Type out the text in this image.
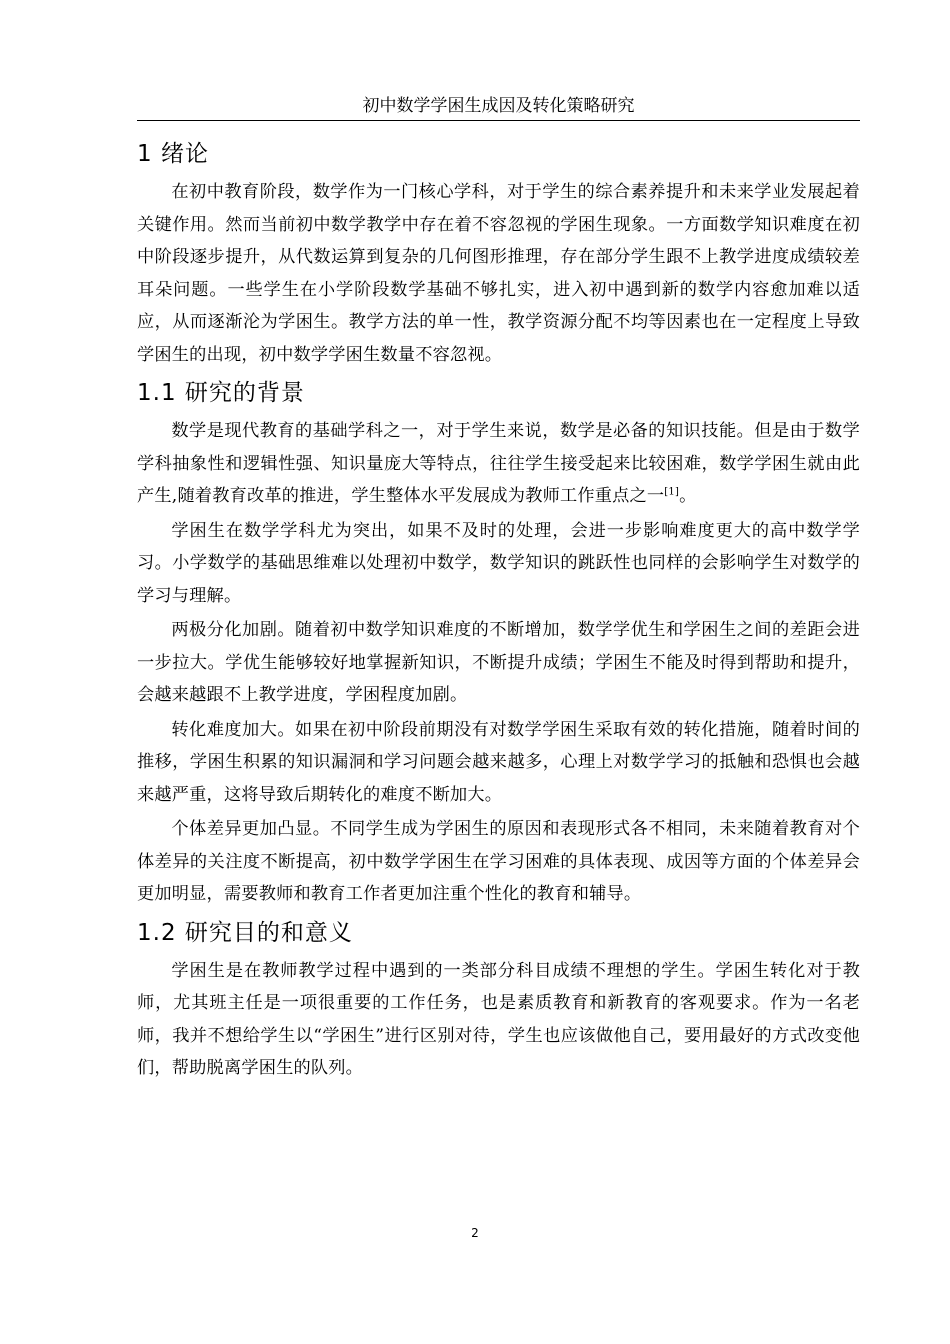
初中数学学困生成因及转化策略研究
1 绪论

在初中教育阶段，数学作为一门核心学科，对于学生的综合素养提升和未来学业发展起着关键作用。然而当前初中数学教学中存在着不容忽视的学困生现象。一方面数学知识难度在初中阶段逐步提升，从代数运算到复杂的几何图形推理，存在部分学生跟不上教学进度成绩较差耳朵问题。一些学生在小学阶段数学基础不够扎实，进入初中遇到新的数学内容愈加难以适应，从而逐渐沦为学困生。教学方法的单一性，教学资源分配不均等因素也在一定程度上导致学困生的出现，初中数学学困生数量不容忽视。

1.1 研究的背景

数学是现代教育的基础学科之一，对于学生来说，数学是必备的知识技能。但是由于数学学科抽象性和逻辑性强、知识量庞大等特点，往往学生接受起来比较困难，数学学困生就由此产生,随着教育改革的推进，学生整体水平发展成为教师工作重点之一[1]。

学困生在数学学科尤为突出，如果不及时的处理，会进一步影响难度更大的高中数学学习。小学数学的基础思维难以处理初中数学，数学知识的跳跃性也同样的会影响学生对数学的学习与理解。

两极分化加剧。随着初中数学知识难度的不断增加，数学学优生和学困生之间的差距会进一步拉大。学优生能够较好地掌握新知识，不断提升成绩；学困生不能及时得到帮助和提升，会越来越跟不上教学进度，学困程度加剧。

转化难度加大。如果在初中阶段前期没有对数学学困生采取有效的转化措施，随着时间的推移，学困生积累的知识漏洞和学习问题会越来越多，心理上对数学学习的抵触和恐惧也会越来越严重，这将导致后期转化的难度不断加大。

个体差异更加凸显。不同学生成为学困生的原因和表现形式各不相同，未来随着教育对个体差异的关注度不断提高，初中数学学困生在学习困难的具体表现、成因等方面的个体差异会更加明显，需要教师和教育工作者更加注重个性化的教育和辅导。

1.2 研究目的和意义

学困生是在教师教学过程中遇到的一类部分科目成绩不理想的学生。学困生转化对于教师，尤其班主任是一项很重要的工作任务，也是素质教育和新教育的客观要求。作为一名老师，我并不想给学生以“学困生”进行区别对待，学生也应该做他自己，要用最好的方式改变他们，帮助脱离学困生的队列。

2
